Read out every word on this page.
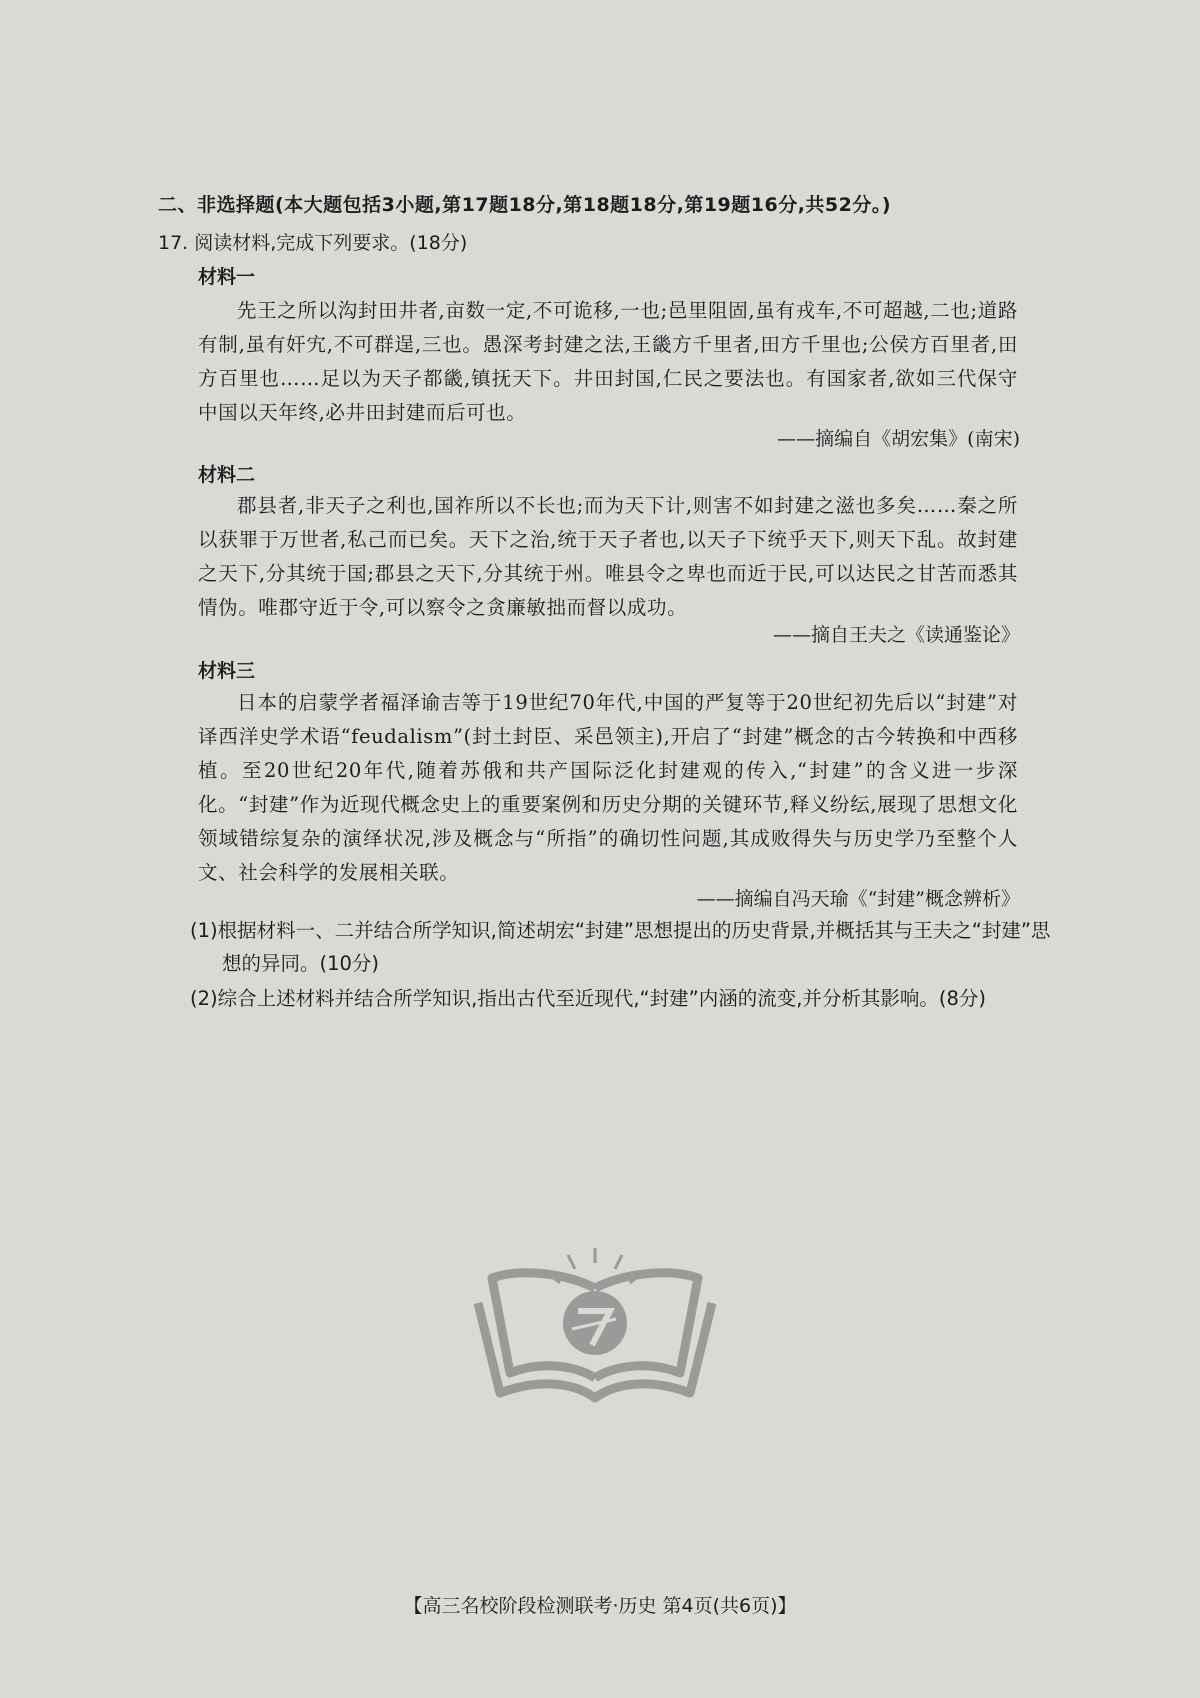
二、非选择题(本大题包括3小题,第17题18分,第18题18分,第19题16分,共52分。)
17. 阅读材料,完成下列要求。(18分)
材料一
先王之所以沟封田井者,亩数一定,不可诡移,一也;邑里阻固,虽有戎车,不可超越,二也;道路有制,虽有奸宄,不可群逞,三也。愚深考封建之法,王畿方千里者,田方千里也;公侯方百里者,田方百里也……足以为天子都畿,镇抚天下。井田封国,仁民之要法也。有国家者,欲如三代保守中国以天年终,必井田封建而后可也。
——摘编自《胡宏集》(南宋)
材料二
郡县者,非天子之利也,国祚所以不长也;而为天下计,则害不如封建之滋也多矣……秦之所以获罪于万世者,私己而已矣。天下之治,统于天子者也,以天子下统乎天下,则天下乱。故封建之天下,分其统于国;郡县之天下,分其统于州。唯县令之卑也而近于民,可以达民之甘苦而悉其情伪。唯郡守近于令,可以察令之贪廉敏拙而督以成功。
——摘自王夫之《读通鉴论》
材料三
日本的启蒙学者福泽谕吉等于19世纪70年代,中国的严复等于20世纪初先后以“封建”对译西洋史学术语“feudalism”(封土封臣、采邑领主),开启了“封建”概念的古今转换和中西移植。至20世纪20年代,随着苏俄和共产国际泛化封建观的传入,“封建”的含义进一步深化。“封建”作为近现代概念史上的重要案例和历史分期的关键环节,释义纷纭,展现了思想文化领域错综复杂的演绎状况,涉及概念与“所指”的确切性问题,其成败得失与历史学乃至整个人文、社会科学的发展相关联。
——摘编自冯天瑜《“封建”概念辨析》
(1)根据材料一、二并结合所学知识,简述胡宏“封建”思想提出的历史背景,并概括其与王夫之“封建”思想的异同。(10分)
(2)综合上述材料并结合所学知识,指出古代至近现代,“封建”内涵的流变,并分析其影响。(8分)
【高三名校阶段检测联考·历史 第4页(共6页)】
